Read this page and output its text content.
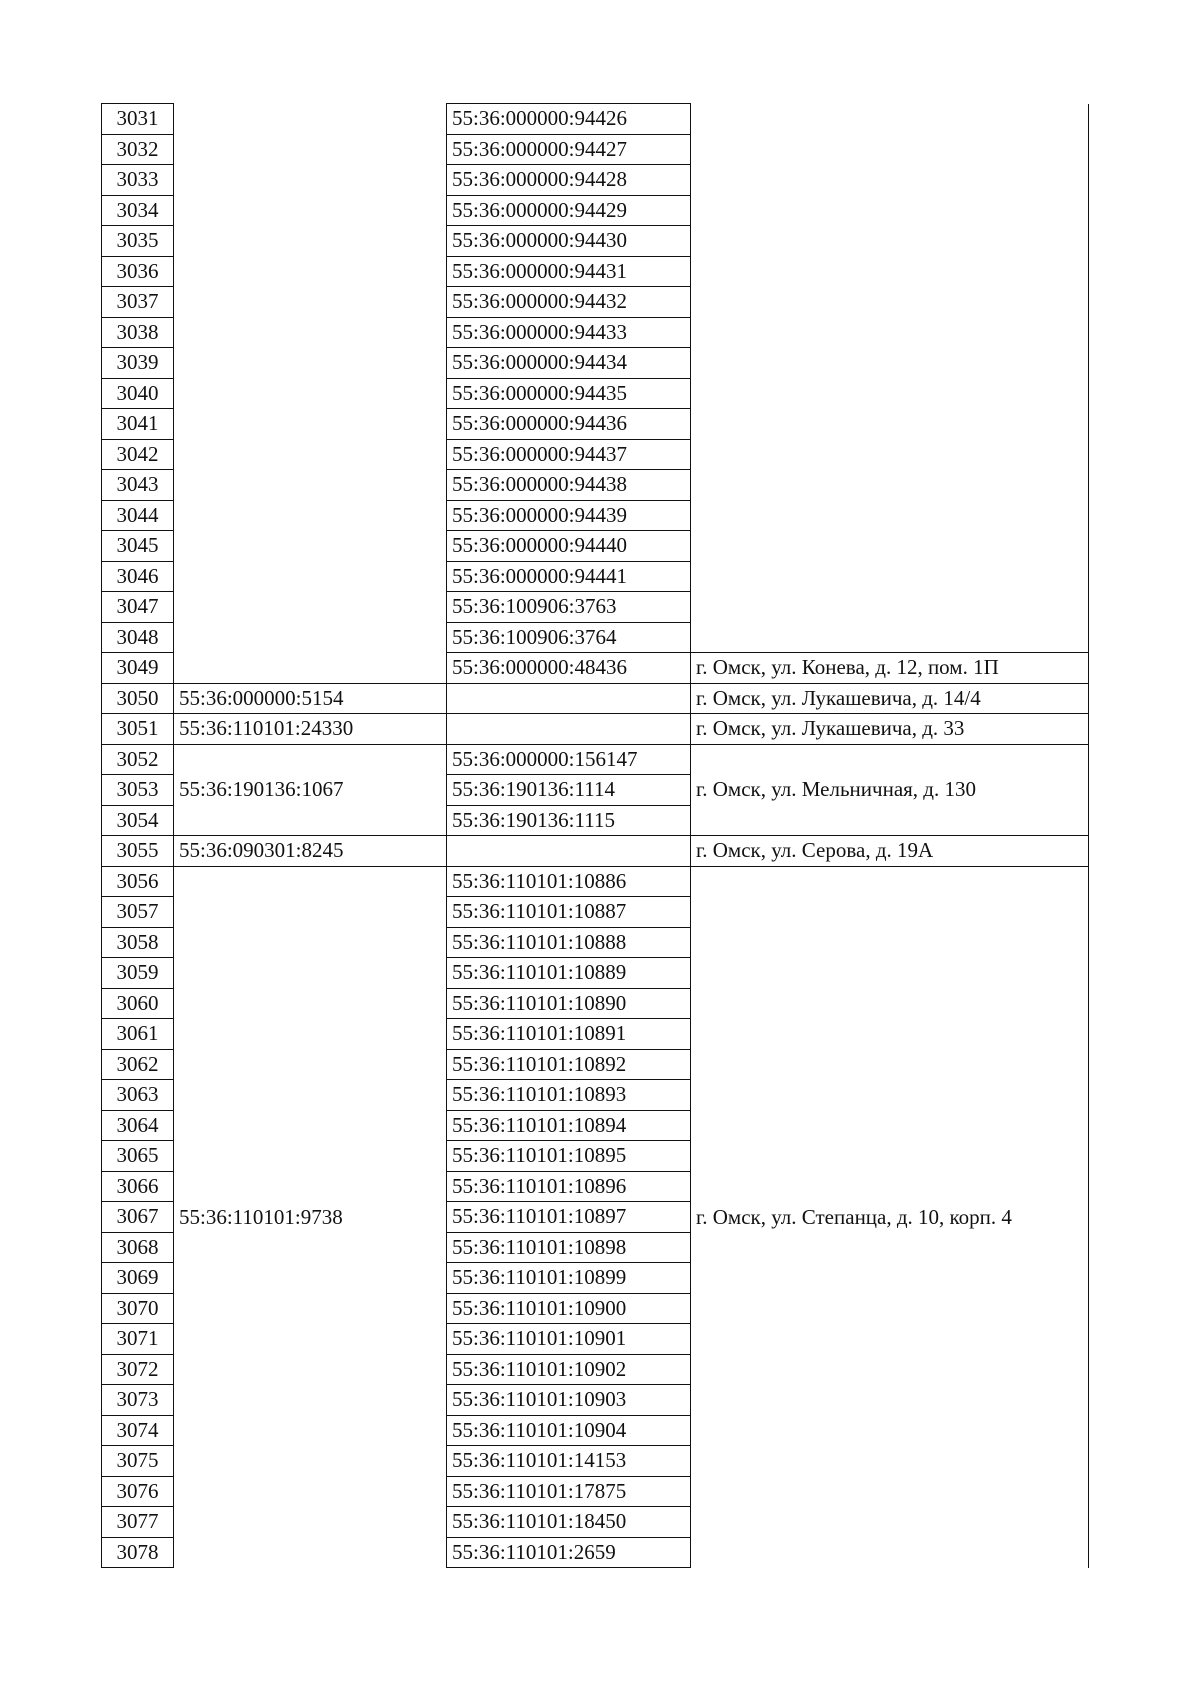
3031		55:36:000000:94426	
3032		55:36:000000:94427	
3033		55:36:000000:94428	
3034		55:36:000000:94429	
3035		55:36:000000:94430	
3036		55:36:000000:94431	
3037		55:36:000000:94432	
3038		55:36:000000:94433	
3039		55:36:000000:94434	
3040		55:36:000000:94435	
3041		55:36:000000:94436	
3042		55:36:000000:94437	
3043		55:36:000000:94438	
3044		55:36:000000:94439	
3045		55:36:000000:94440	
3046		55:36:000000:94441	
3047		55:36:100906:3763	
3048		55:36:100906:3764	
3049		55:36:000000:48436	г. Омск, ул. Конева, д. 12, пом. 1П
3050	55:36:000000:5154		г. Омск, ул. Лукашевича, д. 14/4
3051	55:36:110101:24330		г. Омск, ул. Лукашевича, д. 33
3052	55:36:190136:1067	55:36:000000:156147	г. Омск, ул. Мельничная, д. 130
3053		55:36:190136:1114	
3054		55:36:190136:1115	
3055	55:36:090301:8245		г. Омск, ул. Серова, д. 19А
3056	55:36:110101:9738	55:36:110101:10886	г. Омск, ул. Степанца, д. 10, корп. 4
3057		55:36:110101:10887	
3058		55:36:110101:10888	
3059		55:36:110101:10889	
3060		55:36:110101:10890	
3061		55:36:110101:10891	
3062		55:36:110101:10892	
3063		55:36:110101:10893	
3064		55:36:110101:10894	
3065		55:36:110101:10895	
3066		55:36:110101:10896	
3067		55:36:110101:10897	
3068		55:36:110101:10898	
3069		55:36:110101:10899	
3070		55:36:110101:10900	
3071		55:36:110101:10901	
3072		55:36:110101:10902	
3073		55:36:110101:10903	
3074		55:36:110101:10904	
3075		55:36:110101:14153	
3076		55:36:110101:17875	
3077		55:36:110101:18450	
3078		55:36:110101:2659	
